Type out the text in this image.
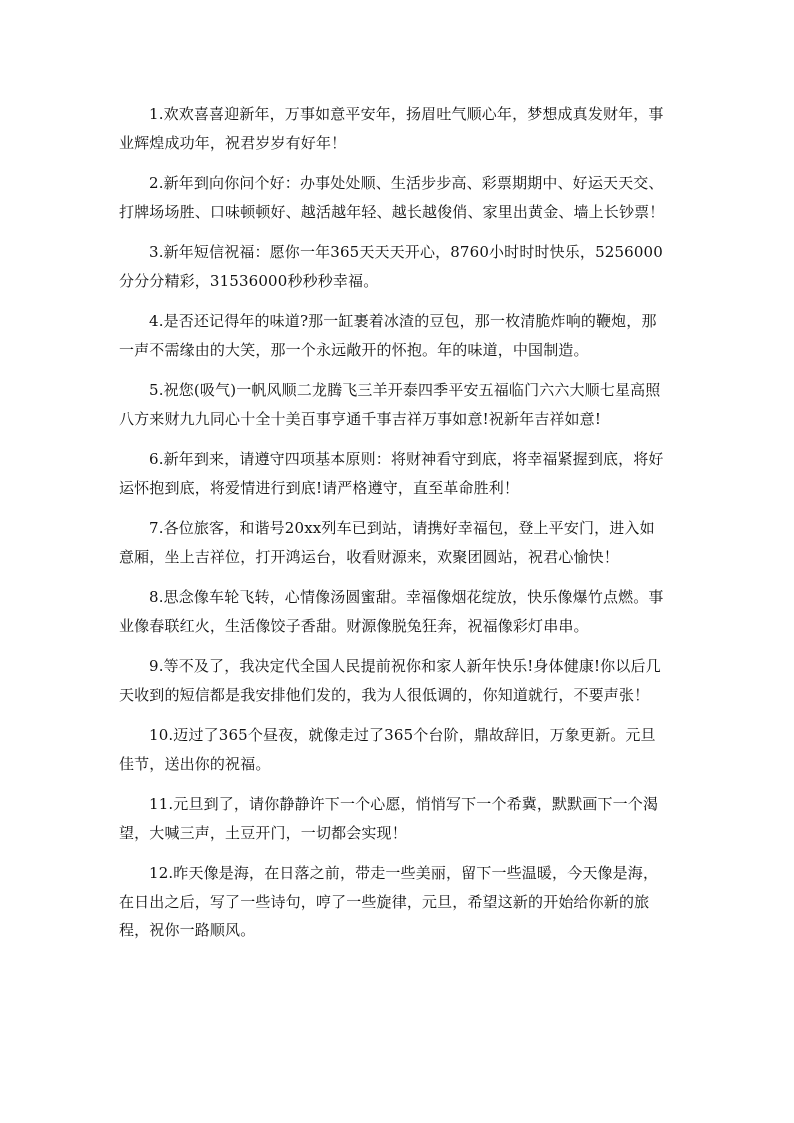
1.欢欢喜喜迎新年，万事如意平安年，扬眉吐气顺心年，梦想成真发财年，事业辉煌成功年，祝君岁岁有好年！

2.新年到向你问个好：办事处处顺、生活步步高、彩票期期中、好运天天交、打牌场场胜、口味顿顿好、越活越年轻、越长越俊俏、家里出黄金、墙上长钞票！

3.新年短信祝福：愿你一年365天天天开心，8760小时时时快乐，5256000分分分精彩，31536000秒秒秒幸福。

4.是否还记得年的味道?那一缸裹着冰渣的豆包，那一枚清脆炸响的鞭炮，那一声不需缘由的大笑，那一个永远敞开的怀抱。年的味道，中国制造。

5.祝您(吸气)一帆风顺二龙腾飞三羊开泰四季平安五福临门六六大顺七星高照八方来财九九同心十全十美百事亨通千事吉祥万事如意!祝新年吉祥如意!

6.新年到来，请遵守四项基本原则：将财神看守到底，将幸福紧握到底，将好运怀抱到底，将爱情进行到底!请严格遵守，直至革命胜利！

7.各位旅客，和谐号20xx列车已到站，请携好幸福包，登上平安门，进入如意厢，坐上吉祥位，打开鸿运台，收看财源来，欢聚团圆站，祝君心愉快！

8.思念像车轮飞转，心情像汤圆蜜甜。幸福像烟花绽放，快乐像爆竹点燃。事业像春联红火，生活像饺子香甜。财源像脱兔狂奔，祝福像彩灯串串。

9.等不及了，我决定代全国人民提前祝你和家人新年快乐!身体健康!你以后几天收到的短信都是我安排他们发的，我为人很低调的，你知道就行，不要声张！

10.迈过了365个昼夜，就像走过了365个台阶，鼎故辞旧，万象更新。元旦佳节，送出你的祝福。

11.元旦到了，请你静静许下一个心愿，悄悄写下一个希冀，默默画下一个渴望，大喊三声，土豆开门，一切都会实现！

12.昨天像是海，在日落之前，带走一些美丽，留下一些温暖，今天像是海，在日出之后，写了一些诗句，哼了一些旋律，元旦，希望这新的开始给你新的旅程，祝你一路顺风。
